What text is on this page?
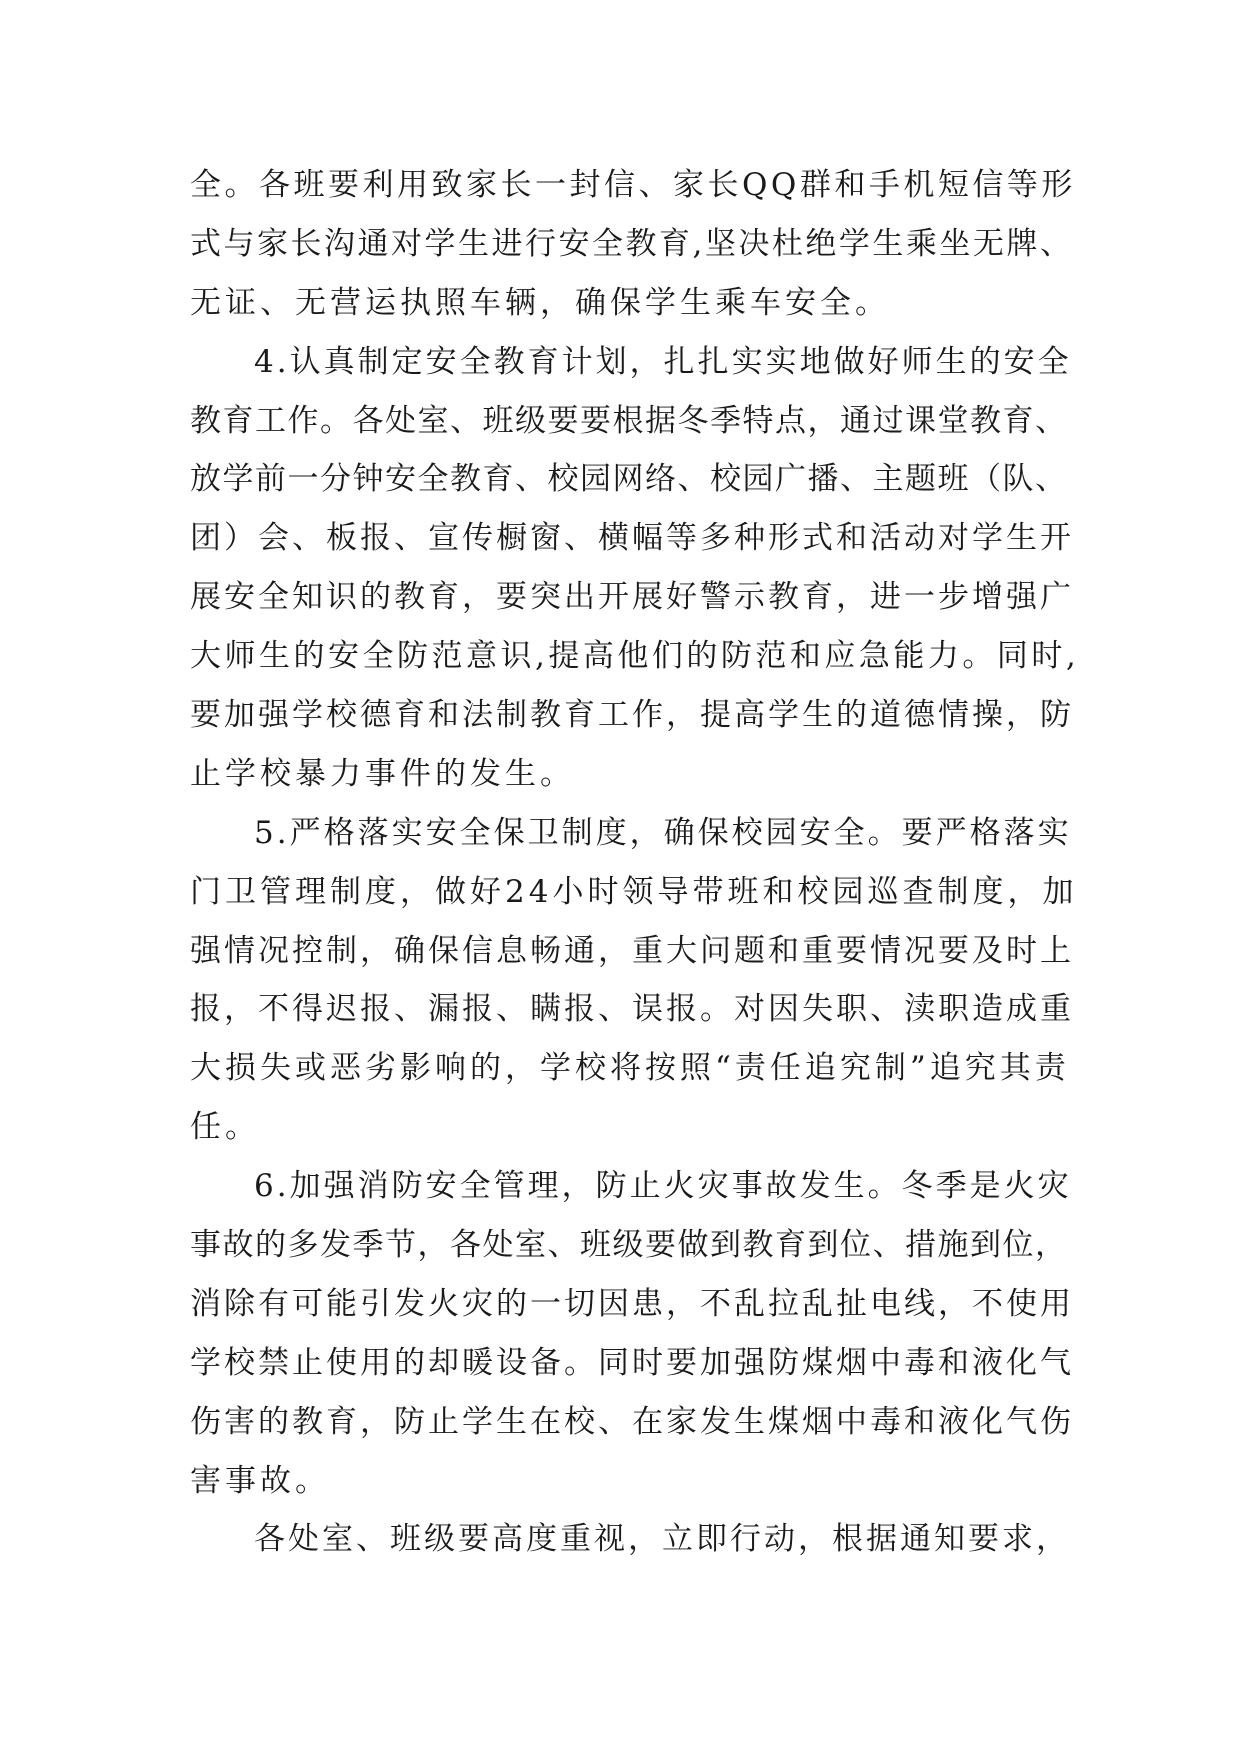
全。各班要利用致家长一封信、家长QQ群和手机短信等形
式与家长沟通对学生进行安全教育,坚决杜绝学生乘坐无牌、
无证、无营运执照车辆，确保学生乘车安全。
4.认真制定安全教育计划，扎扎实实地做好师生的安全
教育工作。各处室、班级要要根据冬季特点，通过课堂教育、
放学前一分钟安全教育、校园网络、校园广播、主题班（队、
团）会、板报、宣传橱窗、横幅等多种形式和活动对学生开
展安全知识的教育，要突出开展好警示教育，进一步增强广
大师生的安全防范意识,提高他们的防范和应急能力。同时,
要加强学校德育和法制教育工作，提高学生的道德情操，防
止学校暴力事件的发生。
5.严格落实安全保卫制度，确保校园安全。要严格落实
门卫管理制度，做好24小时领导带班和校园巡查制度，加
强情况控制，确保信息畅通，重大问题和重要情况要及时上
报，不得迟报、漏报、瞒报、误报。对因失职、渎职造成重
大损失或恶劣影响的，学校将按照“责任追究制”追究其责
任。
6.加强消防安全管理，防止火灾事故发生。冬季是火灾
事故的多发季节，各处室、班级要做到教育到位、措施到位，
消除有可能引发火灾的一切因患，不乱拉乱扯电线，不使用
学校禁止使用的却暖设备。同时要加强防煤烟中毒和液化气
伤害的教育，防止学生在校、在家发生煤烟中毒和液化气伤
害事故。
各处室、班级要高度重视，立即行动，根据通知要求，
